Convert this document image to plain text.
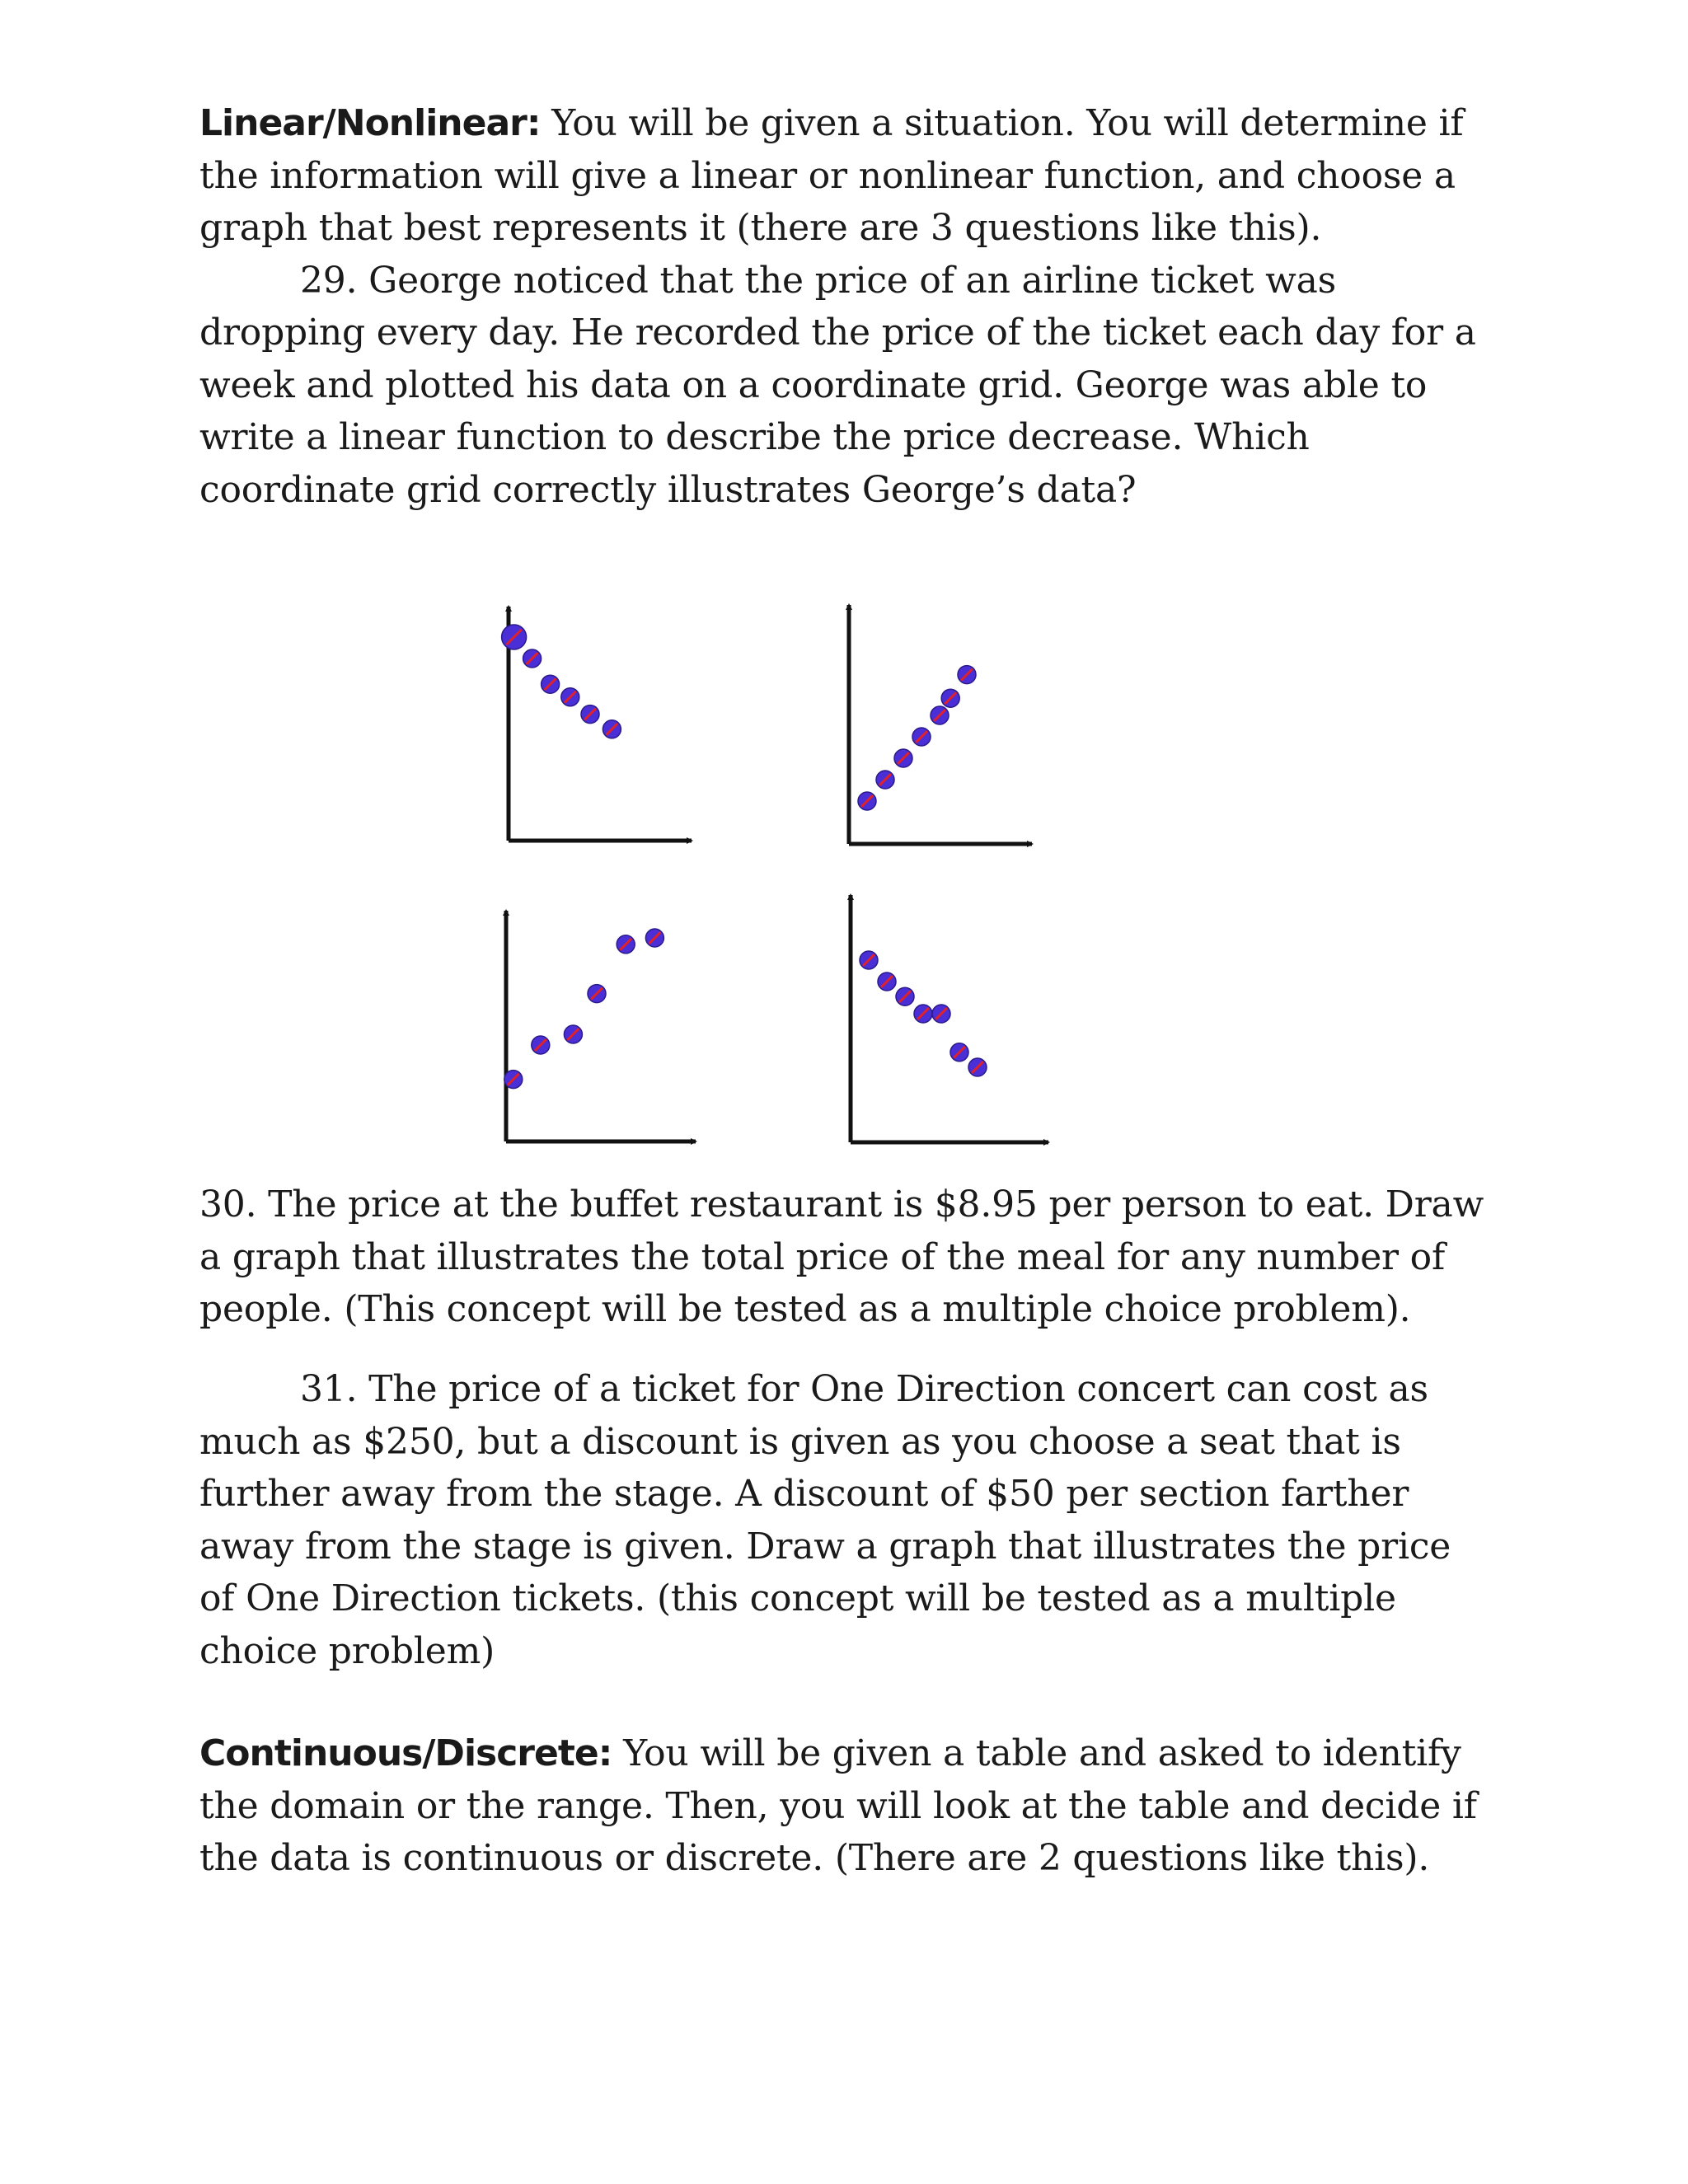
Linear/Nonlinear: You will be given a situation. You will determine if the information will give a linear or nonlinear function, and choose a graph that best represents it (there are 3 questions like this).

29. George noticed that the price of an airline ticket was dropping every day. He recorded the price of the ticket each day for a week and plotted his data on a coordinate grid. George was able to write a linear function to describe the price decrease. Which coordinate grid correctly illustrates George’s data?

30. The price at the buffet restaurant is $8.95 per person to eat. Draw a graph that illustrates the total price of the meal for any number of people. (This concept will be tested as a multiple choice problem).

31. The price of a ticket for One Direction concert can cost as much as $250, but a discount is given as you choose a seat that is further away from the stage. A discount of $50 per section farther away from the stage is given. Draw a graph that illustrates the price of One Direction tickets. (this concept will be tested as a multiple choice problem)

Continuous/Discrete: You will be given a table and asked to identify the domain or the range. Then, you will look at the table and decide if the data is continuous or discrete. (There are 2 questions like this).
